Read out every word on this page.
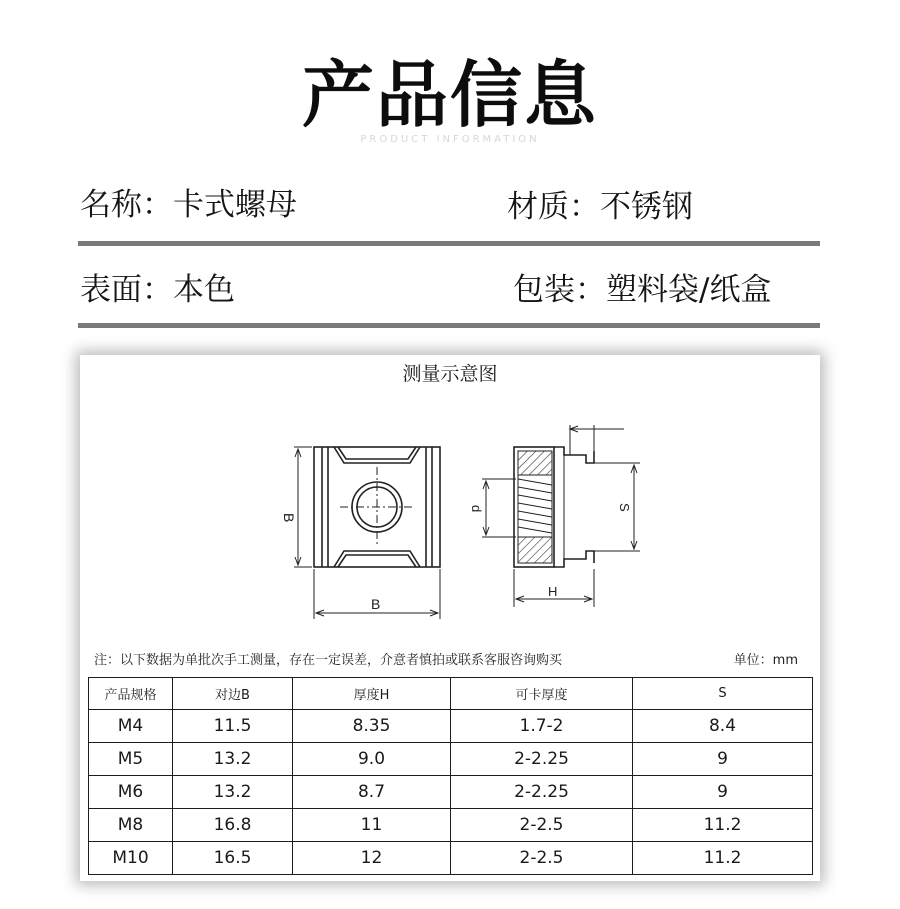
产品信息
PRODUCT INFORMATION
名称：卡式螺母	材质：不锈钢
表面：本色	包装：塑料袋/纸盒
测量示意图
B
B
d	S
H
注：以下数据为单批次手工测量，存在一定误差，介意者慎拍或联系客服咨询购买	单位：mm
产品规格	对边B	厚度H	可卡厚度	S
M4	11.5	8.35	1.7-2	8.4
M5	13.2	9.0	2-2.25	9
M6	13.2	8.7	2-2.25	9
M8	16.8	11	2-2.5	11.2
M10	16.5	12	2-2.5	11.2
